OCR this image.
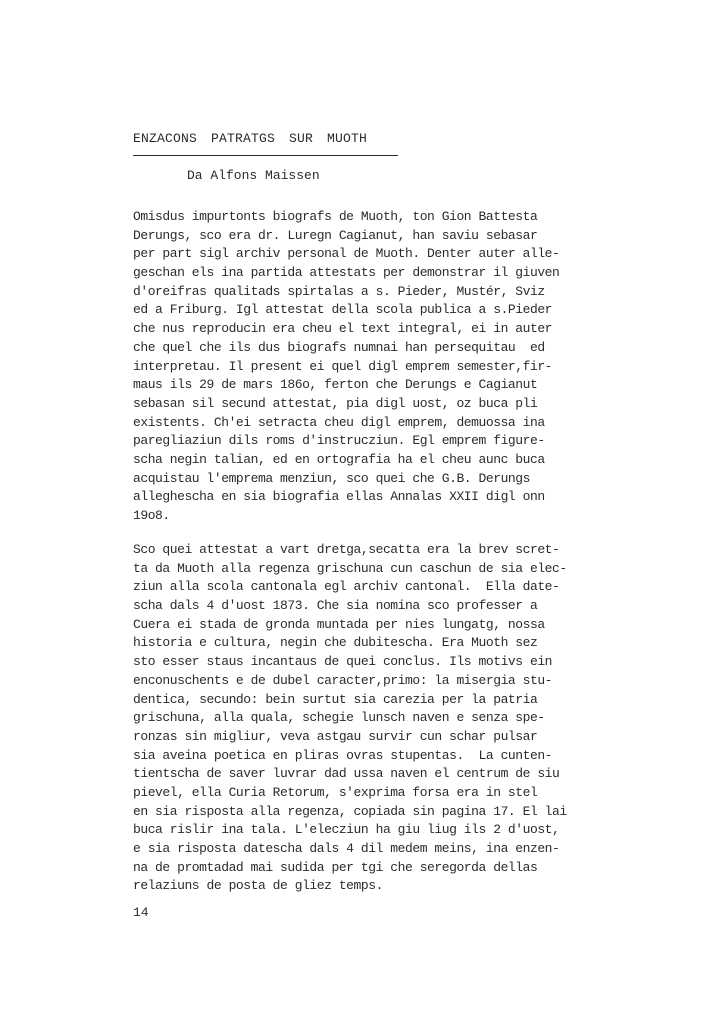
ENZACONS PATRATGS SUR MUOTH
Da Alfons Maissen
Omisdus impurtonts biografs de Muoth, ton Gion Battesta
Derungs, sco era dr. Luregn Cagianut, han saviu sebasar
per part sigl archiv personal de Muoth. Denter auter alle-
geschan els ina partida attestats per demonstrar il giuven
d'oreifras qualitads spirtalas a s. Pieder, Mustér, Sviz
ed a Friburg. Igl attestat della scola publica a s.Pieder
che nus reproducin era cheu el text integral, ei in auter
che quel che ils dus biografs numnai han persequitau  ed
interpretau. Il present ei quel digl emprem semester,fir-
maus ils 29 de mars 186o, ferton che Derungs e Cagianut
sebasan sil secund attestat, pia digl uost, oz buca pli
existents. Ch'ei setracta cheu digl emprem, demuossa ina
paregliaziun dils roms d'instrucziun. Egl emprem figure-
scha negin talian, ed en ortografia ha el cheu aunc buca
acquistau l'emprema menziun, sco quei che G.B. Derungs
allegheschа en sia biografia ellas Annalas XXII digl onn
19o8.
Sco quei attestat a vart dretga,secatta era la brev scret-
ta da Muoth alla regenza grischuna cun caschun de sia elec-
ziun alla scola cantonala egl archiv cantonal.  Ella date-
scha dals 4 d'uost 1873. Che sia nomina sco professer a
Cuera ei stada de gronda muntada per nies lungatg, nossa
historia e cultura, negin che dubitescha. Era Muoth sez
sto esser staus incantaus de quei conclus. Ils motivs ein
enconuschents e de dubel caracter,primo: la misergia stu-
dentica, secundo: bein surtut sia carezia per la patria
grischuna, alla quala, schegie lunsch naven e senza spe-
ronzas sin migliur, veva astgau survir cun schar pulsar
sia aveina poetica en pliras ovras stupentas.  La cunten-
tientscha de saver luvrar dad ussa naven el centrum de siu
pievel, ella Curia Retorum, s'exprima forsa era in stel
en sia risposta alla regenza, copiada sin pagina 17. El lai
buca rislir ina tala. L'elecziun ha giu liug ils 2 d'uost,
e sia risposta datescha dals 4 dil medem meins, ina enzen-
na de promtadad mai sudida per tgi che seregorda dellas
relaziuns de posta de gliez temps.
14
